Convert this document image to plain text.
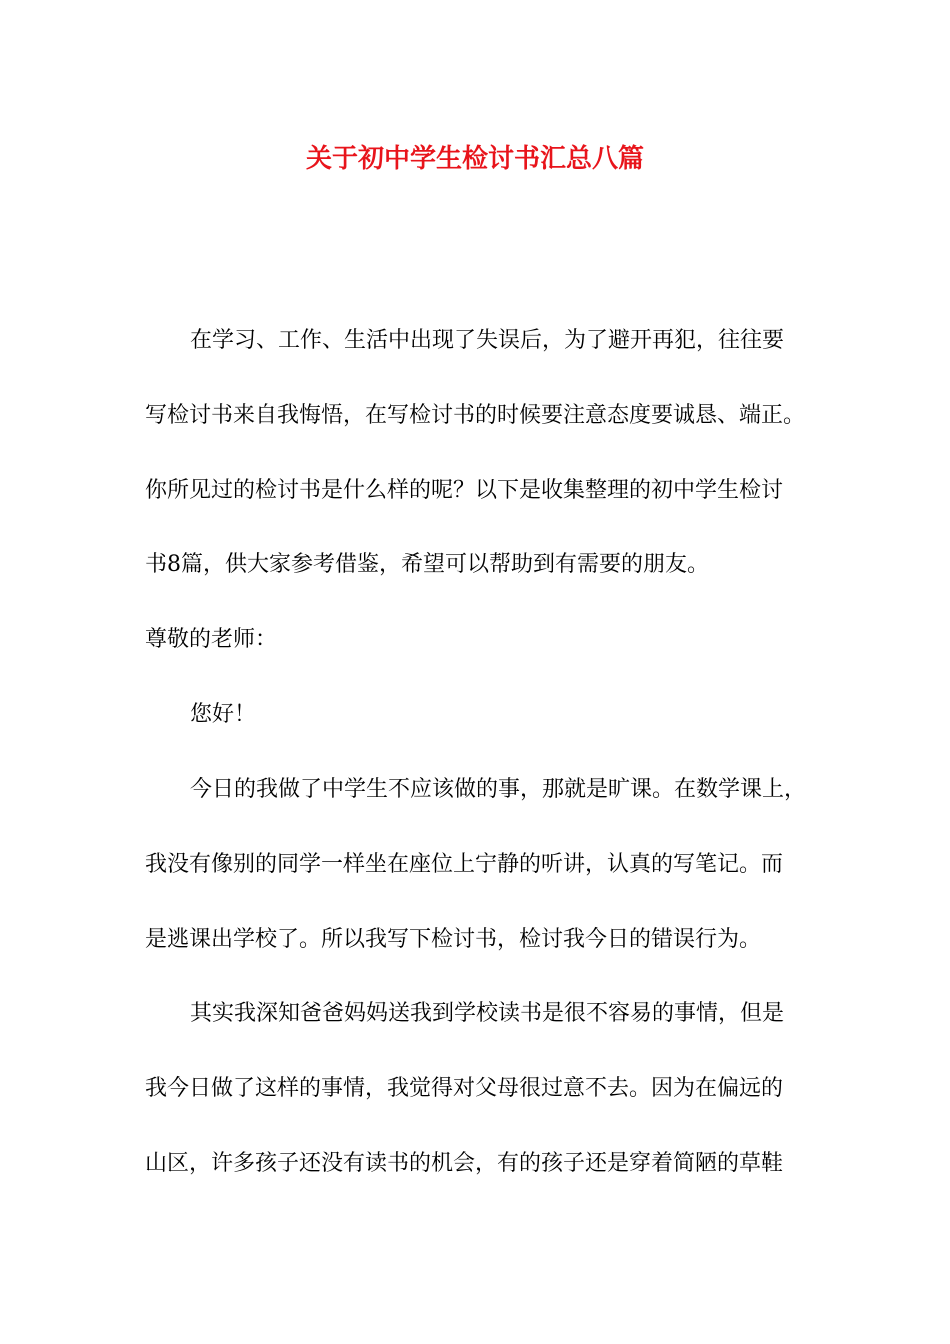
关于初中学生检讨书汇总八篇
在学习、工作、生活中出现了失误后，为了避开再犯，往往要
写检讨书来自我悔悟，在写检讨书的时候要注意态度要诚恳、端正。
你所见过的检讨书是什么样的呢？以下是收集整理的初中学生检讨
书8篇，供大家参考借鉴，希望可以帮助到有需要的朋友。
尊敬的老师：
您好！
今日的我做了中学生不应该做的事，那就是旷课。在数学课上，
我没有像别的同学一样坐在座位上宁静的听讲，认真的写笔记。而
是逃课出学校了。所以我写下检讨书，检讨我今日的错误行为。
其实我深知爸爸妈妈送我到学校读书是很不容易的事情，但是
我今日做了这样的事情，我觉得对父母很过意不去。因为在偏远的
山区，许多孩子还没有读书的机会，有的孩子还是穿着简陋的草鞋
